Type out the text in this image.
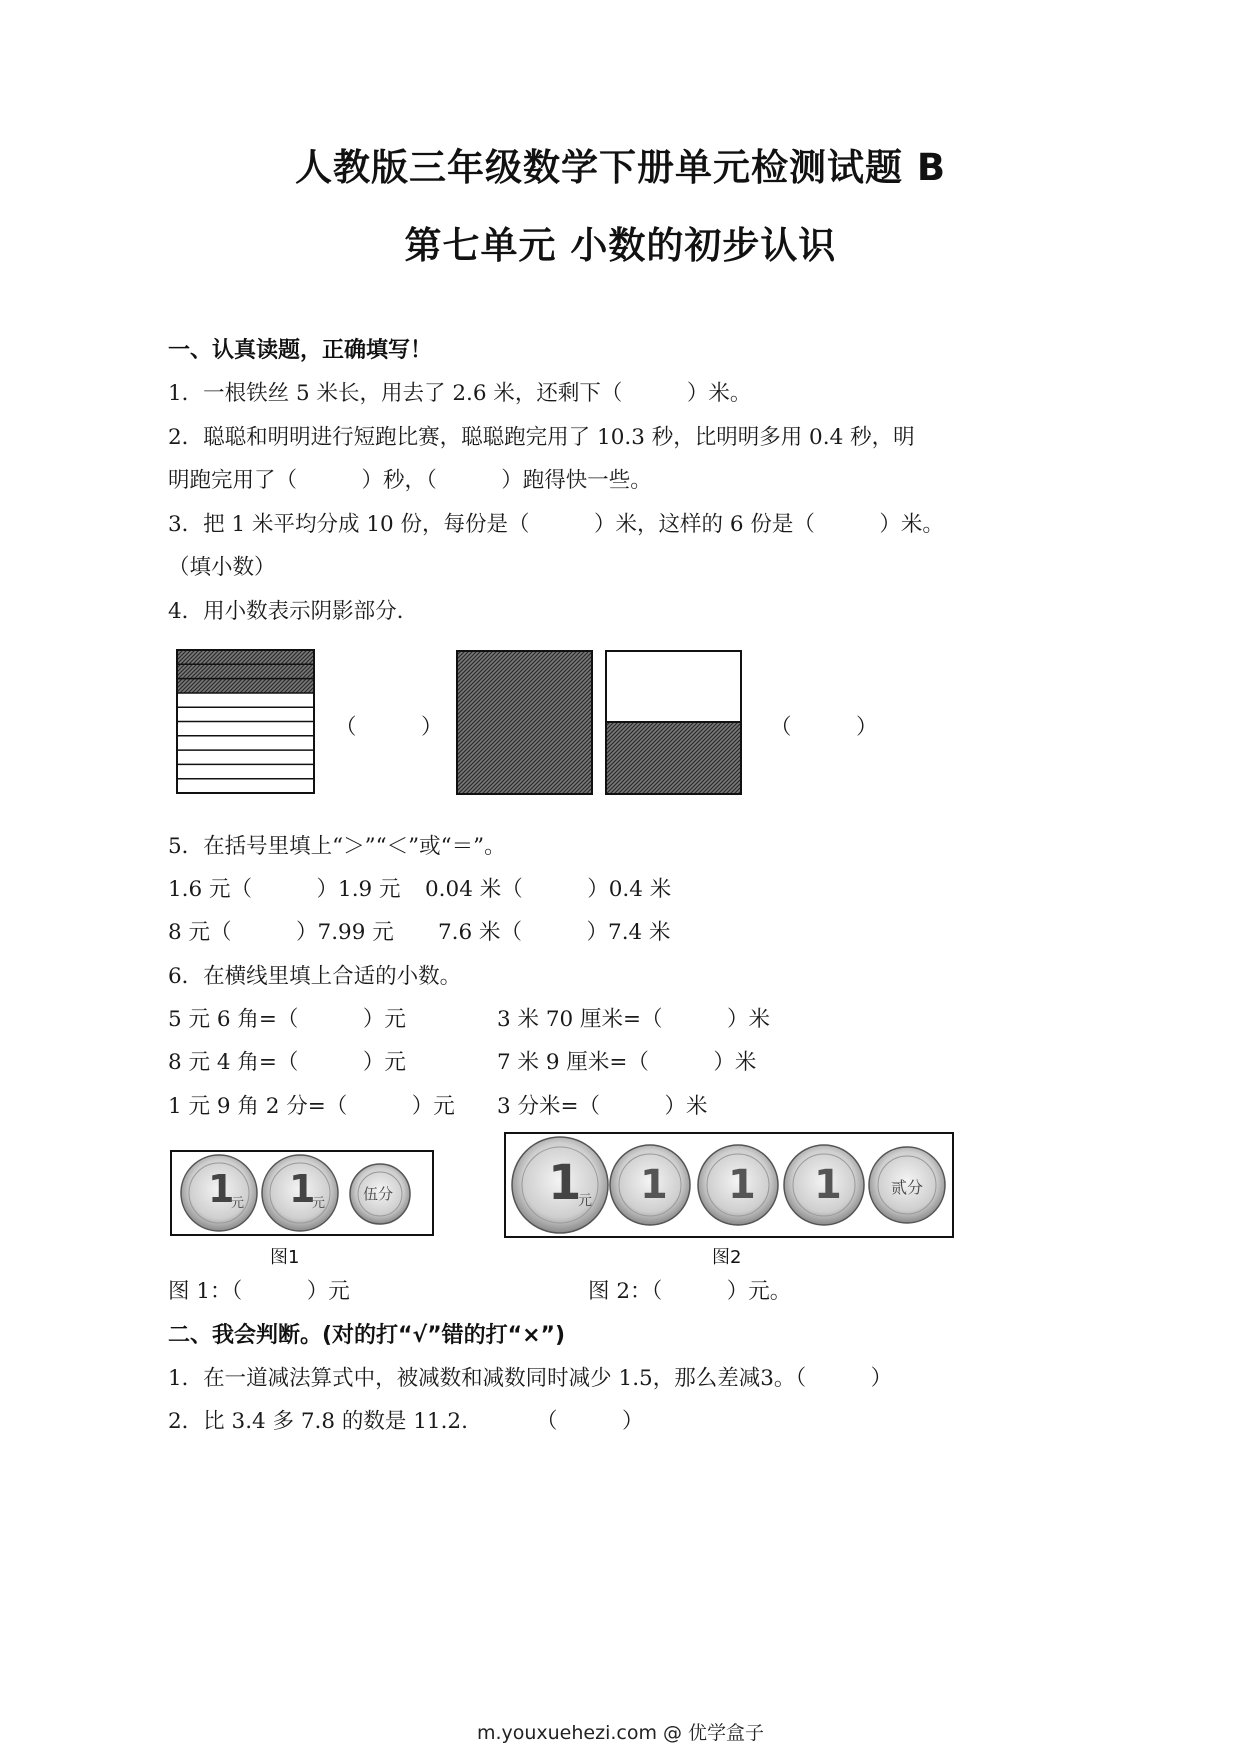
人教版三年级数学下册单元检测试题 B
第七单元 小数的初步认识
一、认真读题，正确填写！
1．一根铁丝 5 米长，用去了 2.6 米，还剩下（　　　）米。
2．聪聪和明明进行短跑比赛，聪聪跑完用了 10.3 秒，比明明多用 0.4 秒，明
明跑完用了（　　　）秒，（　　　）跑得快一些。
3．把 1 米平均分成 10 份，每份是（　　　）米，这样的 6 份是（　　　）米。
（填小数）
4．用小数表示阴影部分.
（　　　）	（　　　）
5．在括号里填上“＞”“＜”或“＝”。
1.6 元（　　　）1.9 元 0.04 米（　　　）0.4 米
8 元（　　　）7.99 元 7.6 米（　　　）7.4 米
6．在横线里填上合适的小数。
5 元 6 角=（　　　）元	3 米 70 厘米=（　　　）米
8 元 4 角=（　　　）元	7 米 9 厘米=（　　　）米
1 元 9 角 2 分=（　　　）元 3 分米=（　　　）米
1
元 1
元
伍分
图1
1
元 1 1 1	贰分
图2
图 1：（　　　）元	图 2：（　　　）元。
二、我会判断。(对的打“√”错的打“×”)
1．在一道减法算式中，被减数和减数同时减少 1.5，那么差减3。（　　　）
2．比 3.4 多 7.8 的数是 11.2.	（　　　）
m.youxuehezi.com @ 优学盒子
